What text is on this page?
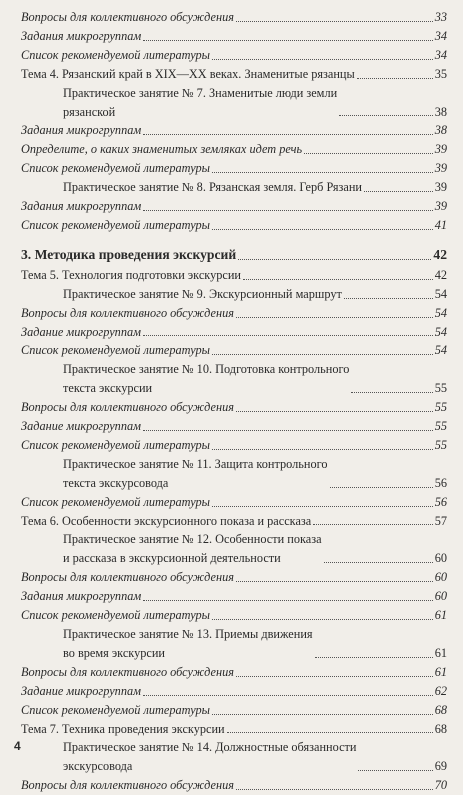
Вопросы для коллективного обсуждения	33
Задания микрогруппам	34
Список рекомендуемой литературы	34
Тема 4. Рязанский край в XIX—XX веках. Знаменитые рязанцы	35
Практическое занятие № 7. Знаменитые люди земли
рязанской	38
Задания микрогруппам	38
Определите, о каких знаменитых земляках идет речь	39
Список рекомендуемой литературы	39
Практическое занятие № 8. Рязанская земля. Герб Рязани	39
Задания микрогруппам	39
Список рекомендуемой литературы	41
3. Методика проведения экскурсий	42
Тема 5. Технология подготовки экскурсии	42
Практическое занятие № 9. Экскурсионный маршрут	54
Вопросы для коллективного обсуждения	54
Задание микрогруппам	54
Список рекомендуемой литературы	54
Практическое занятие № 10. Подготовка контрольного
текста экскурсии	55
Вопросы для коллективного обсуждения	55
Задание микрогруппам	55
Список рекомендуемой литературы	55
Практическое занятие № 11. Защита контрольного
текста экскурсовода	56
Список рекомендуемой литературы	56
Тема 6. Особенности экскурсионного показа и рассказа	57
Практическое занятие № 12. Особенности показа
и рассказа в экскурсионной деятельности	60
Вопросы для коллективного обсуждения	60
Задания микрогруппам	60
Список рекомендуемой литературы	61
Практическое занятие № 13. Приемы движения
во время экскурсии	61
Вопросы для коллективного обсуждения	61
Задание микрогруппам	62
Список рекомендуемой литературы	68
Тема 7. Техника проведения экскурсии	68
Практическое занятие № 14. Должностные обязанности
экскурсовода	69
Вопросы для коллективного обсуждения	70
4
